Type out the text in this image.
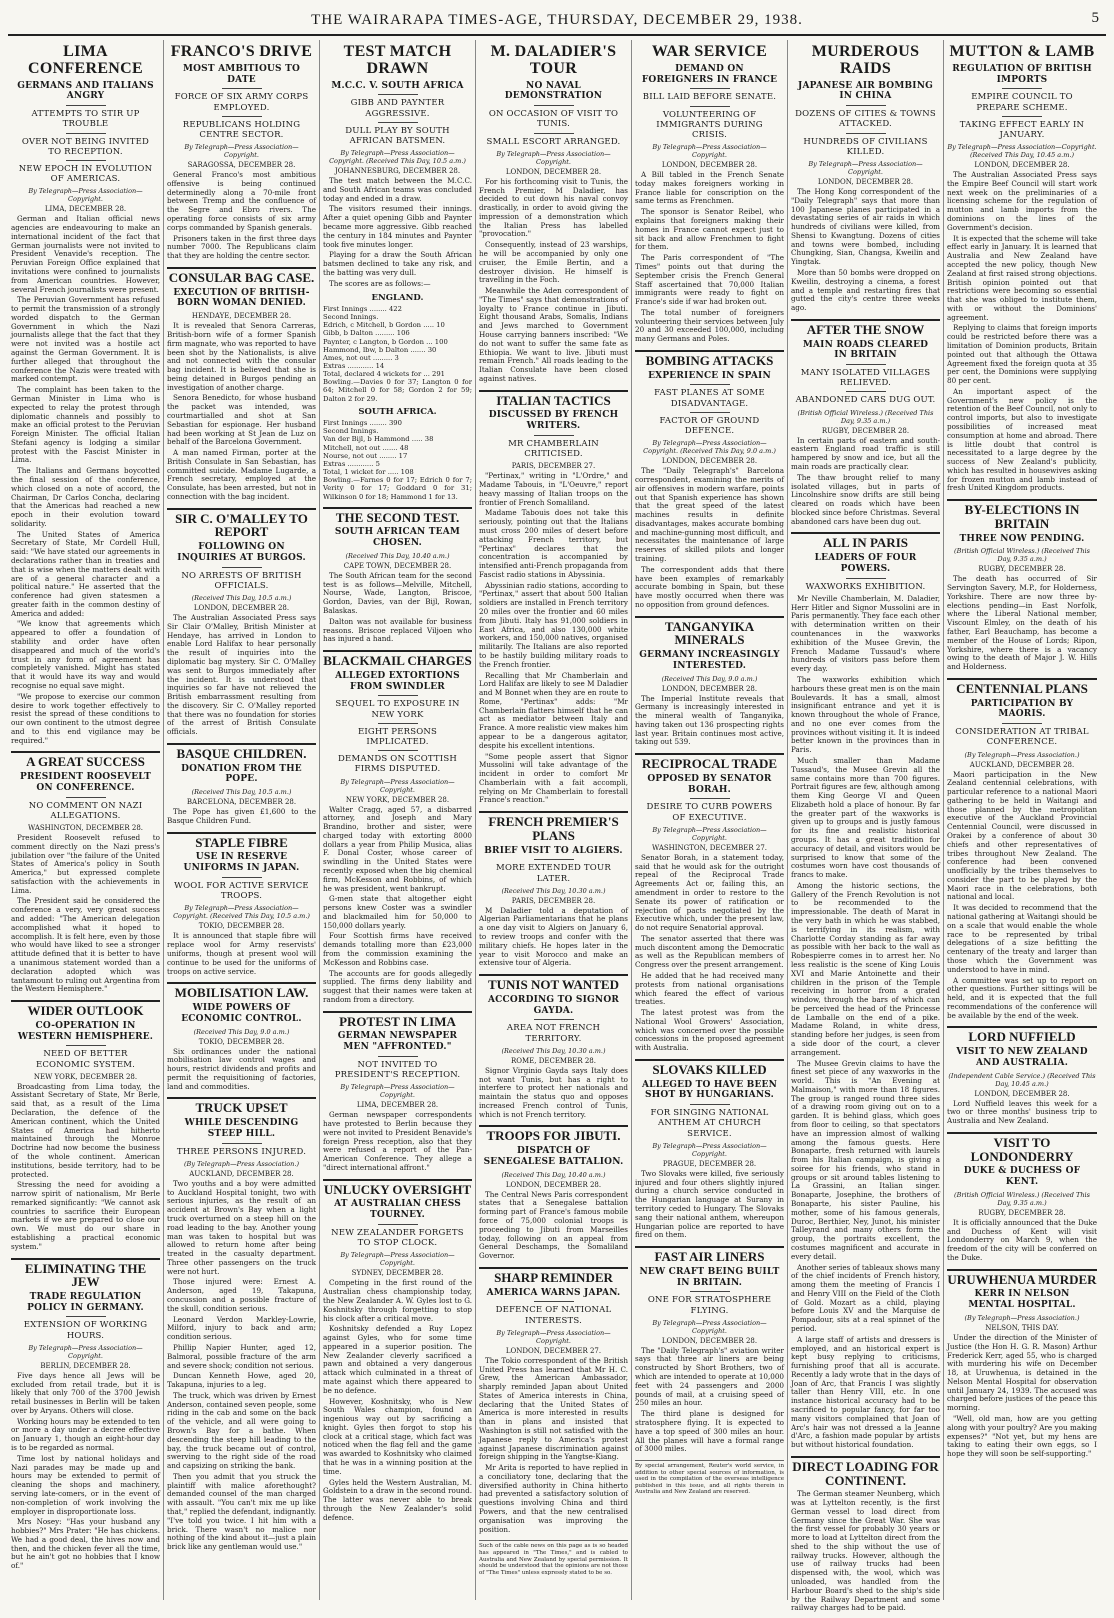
THE WAIRARAPA TIMES-AGE, THURSDAY, DECEMBER 29, 1938.	5
LIMA CONFERENCE
GERMANS AND ITALIANS ANGRY
ATTEMPTS TO STIR UP TROUBLE
OVER NOT BEING INVITED TO RECEPTION.
NEW EPOCH IN EVOLUTION OF AMERICAS.
By Telegraph—Press Association—Copyright.
LIMA, DECEMBER 28.

German and Italian official news agencies are endeavouring to make an international incident of the fact that German journalists were not invited to President Venavide's reception. The Peruvian Foreign Office explained that invitations were confined to journalists from American countries. However, several French journalists were present.

The Peruvian Government has refused to permit the transmission of a strongly worded dispatch to the German Government in which the Nazi journalists allege that the fact that they were not invited was a hostile act against the German Government. It is further alleged that throughout the conference the Nazis were treated with marked contempt.

The complaint has been taken to the German Minister in Lima who is expected to relay the protest through diplomatic channels and possibly to make an official protest to the Peruvian Foreign Minister. The official Italian Stefani agency is lodging a similar protest with the Fascist Minister in Lima.

The Italians and Germans boycotted the final session of the conference, which closed on a note of accord, the Chairman, Dr Carlos Concha, declaring that the Americas had reached a new epoch in their evolution toward solidarity.

The United States of America Secretary of State, Mr Cordell Hull, said: "We have stated our agreements in declarations rather than in treaties and that is wise when the matters dealt with are of a general character and a political nature." He asserted that the conference had given statesmen a greater faith in the common destiny of America and added:

"We know that agreements which appeared to offer a foundation of stability and order have often disappeared and much of the world's trust in any form of agreement has completely vanished. Might has stated that it would have its way and would recognise no equal save might.

"We propose to exercise our common desire to work together effectively to resist the spread of these conditions to our own continent to the utmost degree and to this end vigilance may be required."

A GREAT SUCCESS
PRESIDENT ROOSEVELT ON CONFERENCE.
NO COMMENT ON NAZI ALLEGATIONS.
WASHINGTON, DECEMBER 28.

President Roosevelt refused to comment directly on the Nazi press's jubilation over "the failure of the United States of America's policy in South America," but expressed complete satisfaction with the achievements in Lima.

The President said he considered the conference a very, very great success and added: "The American delegation accomplished what it hoped to accomplish. It is felt here, even by those who would have liked to see a stronger attitude defined that it is better to have a unanimous statement worded than a declaration adopted which was tantamount to ruling out Argentina from the Western Hemisphere."

WIDER OUTLOOK
CO-OPERATION IN WESTERN HEMISPHERE.
NEED OF BETTER ECONOMIC SYSTEM.
NEW YORK, DECEMBER 28.

Broadcasting from Lima today, the Assistant Secretary of State, Mr Berle, said that, as a result of the Lima Declaration, the defence of the American continent, which the United States of America had hitherto maintained through the Monroe Doctrine had now become the business of the whole continent. American institutions, beside territory, had to be protected.

Stressing the need for avoiding a narrow spirit of nationalism, Mr Berle remarked significantly: "We cannot ask countries to sacrifice their European markets if we are prepared to close our own. We must do our share in establishing a practical economic system."

ELIMINATING THE JEW
TRADE REGULATION POLICY IN GERMANY.
EXTENSION OF WORKING HOURS.
By Telegraph—Press Association—Copyright.
BERLIN, DECEMBER 28.

Five days hence all Jews will be excluded from retail trade, but it is likely that only 700 of the 3700 Jewish retail businesses in Berlin will be taken over by Aryans. Others will close.

Working hours may be extended to ten or more a day under a decree effective on January 1, though an eight-hour day is to be regarded as normal.

Time lost by national holidays and Nazi parades may be made up and hours may be extended to permit of cleaning the shops and machinery, serving late-comers, or in the event of non-completion of work involving the employer in disproportionate loss.

Mrs Nosey: "Has your husband any hobbies?" Mrs Prater: "He has chickens. We had a good deal, the hives now and then, and the chicken fever all the time, but he ain't got no hobbies that I know of."

FRANCO'S DRIVE
MOST AMBITIOUS TO DATE
FORCE OF SIX ARMY CORPS EMPLOYED.
REPUBLICANS HOLDING CENTRE SECTOR.
By Telegraph—Press Association—Copyright.
SARAGOSSA, DECEMBER 28.

General Franco's most ambitious offensive is being continued determinedly along a 70-mile front between Tremp and the confluence of the Segre and Ebro rivers. The operating force consists of six army corps commanded by Spanish generals.

Prisoners taken in the first three days number 7000. The Republicans claim that they are holding the centre sector.

CONSULAR BAG CASE.
EXECUTION OF BRITISH-BORN WOMAN DENIED.
HENDAYE, DECEMBER 28.

It is revealed that Senora Carreras, British-born wife of a former Spanish firm magnate, who was reported to have been shot by the Nationalists, is alive and not connected with the consular bag incident. It is believed that she is being detained in Burgos pending an investigation of another charge.

Senora Benedicto, for whose husband the packet was intended, was courtmartialled and shot at San Sebastian for espionage. Her husband had been working at St Jean de Luz on behalf of the Barcelona Government.

A man named Firman, porter at the British Consulate in San Sebastian, has committed suicide. Madame Lugarde, a French secretary, employed at the Consulate, has been arrested, but not in connection with the bag incident.

SIR C. O'MALLEY TO REPORT
FOLLOWING ON INQUIRIES AT BURGOS.
NO ARRESTS OF BRITISH OFFICIALS.
(Received This Day, 10.5 a.m.)
LONDON, DECEMBER 28.

The Australian Associated Press says Sir Clair O'Malley, British Minister at Hendaye, has arrived in London to enable Lord Halifax to hear personally the result of inquiries into the diplomatic bag mystery. Sir C. O'Malley was sent to Burgos immediately after the incident. It is understood that inquiries so far have not relieved the British embarrassment resulting from the discovery. Sir C. O'Malley reported that there was no foundation for stories of the arrest of British Consulate officials.

BASQUE CHILDREN.
DONATION FROM THE POPE.
(Received This Day, 10.5 a.m.)
BARCELONA, DECEMBER 28.

The Pope has given £1,600 to the Basque Children Fund.

STAPLE FIBRE
USE IN RESERVE UNIFORMS IN JAPAN.
WOOL FOR ACTIVE SERVICE TROOPS.
By Telegraph—Press Association—Copyright. (Received This Day, 10.5 a.m.)
TOKIO, DECEMBER 28.

It is announced that staple fibre will replace wool for Army reservists' uniforms, though at present wool will continue to be used for the uniforms of troops on active service.

MOBILISATION LAW.
WIDE POWERS OF ECONOMIC CONTROL.
(Received This Day, 9.0 a.m.)
TOKIO, DECEMBER 28.

Six ordinances under the national mobilisation law control wages and hours, restrict dividends and profits and permit the requisitioning of factories, land and commodities.

TRUCK UPSET
WHILE DESCENDING STEEP HILL.
THREE PERSONS INJURED.
(By Telegraph—Press Association.)
AUCKLAND, DECEMBER 28.

Two youths and a boy were admitted to Auckland Hospital tonight, two with serious injuries, as the result of an accident at Brown's Bay when a light truck overturned on a steep hill on the road leading to the bay. Another young man was taken to hospital but was allowed to return home after being treated in the casualty department. Three other passengers on the truck were not hurt.

Those injured were: Ernest A. Anderson, aged 19, Takapuna, concussion and a possible fracture of the skull, condition serious.

Leonard Verdon Markley-Lowrie, Milford, injury to back and arm; condition serious.

Phillip Napier Hunter, aged 12, Balmoral, possible fracture of the arm and severe shock; condition not serious.

Duncan Kenneth Howe, aged 20, Takapuna, injuries to a leg.

The truck, which was driven by Ernest Anderson, contained seven people, some riding in the cab and some on the back of the vehicle, and all were going to Brown's Bay for a bathe. When descending the steep hill leading to the bay, the truck became out of control, swerving to the right side of the road and capsizing on striking the bank.

Then you admit that you struck the plaintiff with malice aforethought? demanded counsel of the man charged with assault. "You can't mix me up like that," replied the defendant, indignantly. "I've told you twice. I hit him with a brick. There wasn't no malice nor nothing of the kind about it—just a plain brick like any gentleman would use."

TEST MATCH DRAWN
M.C.C. V. SOUTH AFRICA
GIBB AND PAYNTER AGGRESSIVE.
DULL PLAY BY SOUTH AFRICAN BATSMEN.
By Telegraph—Press Association—Copyright. (Received This Day, 10.5 a.m.)
JOHANNESBURG, DECEMBER 28.

The test match between the M.C.C. and South African teams was concluded today and ended in a draw.

The visitors resumed their innings. After a quiet opening Gibb and Paynter became more aggressive. Gibb reached the century in 184 minutes and Paynter took five minutes longer.

Playing for a draw the South African batsmen declined to take any risk, and the batting was very dull.

The scores are as follows:—

ENGLAND.
First Innings ........ 422
Second Innings.
Edrich, c Mitchell, b Gordon ..... 10
Gibb, b Dalton ......... 106
Paynter, c Langton, b Gordon ... 100
Hammond, lbw, b Dalton ....... 30
Ames, not out ......... 3
Extras ............ 14
Total, declared 4 wickets for ... 291
Bowling.—Davies 0 for 37; Langton 0 for 64; Mitchell 0 for 58; Gordon 2 for 59; Dalton 2 for 29.
SOUTH AFRICA.
First Innings ........ 390
Second Innings.
Van der Bijl, b Hammond ..... 38
Mitchell, not out ....... 48
Nourse, not out ........ 17
Extras ............ 5
Total, 1 wicket for ..... 108
Bowling.—Farnes 0 for 17; Edrich 0 for 7; Verity 0 for 17; Goddard 0 for 31; Wilkinson 0 for 18; Hammond 1 for 13.
THE SECOND TEST.
SOUTH AFRICAN TEAM CHOSEN.
(Received This Day, 10.40 a.m.)
CAPE TOWN, DECEMBER 28.

The South African team for the second test is as follows—Melville, Mitchell, Nourse, Wade, Langton, Briscoe, Gordon, Davies, van der Bijl, Rowan, Balaskas.

Dalton was not available for business reasons. Briscoe replaced Viljoen who has injured a hand.

BLACKMAIL CHARGES
ALLEGED EXTORTIONS FROM SWINDLER
SEQUEL TO EXPOSURE IN NEW YORK
EIGHT PERSONS IMPLICATED.
DEMANDS ON SCOTTISH FIRMS DISPUTED.
By Telegraph—Press Association—Copyright.
NEW YORK, DECEMBER 28.

Walter Cragg, aged 57, a disbarred attorney, and Joseph and Mary Brandino, brother and sister, were charged today with extorting 8000 dollars a year from Philip Musica, alias F. Donal Coster, whose career of swindling in the United States were recently exposed when the big chemical firm, McKesson and Robbins, of which he was president, went bankrupt.

G-men state that altogether eight persons knew Coster was a swindler and blackmailed him for 50,000 to 150,000 dollars yearly.

Four Scottish firms have received demands totalling more than £23,000 from the commission examining the McKesson and Robbins case.

The accounts are for goods allegedly supplied. The firms deny liability and suggest that their names were taken at random from a directory.

PROTEST IN LIMA
GERMAN NEWSPAPER MEN "AFFRONTED."
NOT INVITED TO PRESIDENT'S RECEPTION.
By Telegraph—Press Association—Copyright.
LIMA, DECEMBER 28.

German newspaper correspondents have protested to Berlin because they were not invited to President Benavide's foreign Press reception, also that they were refused a report of the Pan-American Conference. They allege a "direct international affront."

UNLUCKY OVERSIGHT
AT AUSTRALIAN CHESS TOURNEY.
NEW ZEALANDER FORGETS TO STOP CLOCK.
By Telegraph—Press Association—Copyright.
SYDNEY, DECEMBER 28.

Competing in the first round of the Australian chess championship today, the New Zealander A. W. Gyles lost to G. Koshnitsky through forgetting to stop his clock after a critical move.

Koshnitsky defended a Ruy Lopez against Gyles, who for some time appeared in a superior position. The New Zealander cleverly sacrificed a pawn and obtained a very dangerous attack which culminated in a threat of mate against which there appeared to be no defence.

However, Koshnitsky, who is New South Wales champion, found an ingenious way out by sacrificing a knight. Gyles then forgot to stop his clock at a critical stage, which fact was noticed when the flag fell and the game was awarded to Koshnitsky who claimed that he was in a winning position at the time.

Gyles held the Western Australian, M. Goldstein to a draw in the second round. The latter was never able to break through the New Zealander's solid defence.

M. DALADIER'S TOUR
NO NAVAL DEMONSTRATION
ON OCCASION OF VISIT TO TUNIS.
SMALL ESCORT ARRANGED.
By Telegraph—Press Association—Copyright.
LONDON, DECEMBER 28.

For his forthcoming visit to Tunis, the French Premier, M Daladier, has decided to cut down his naval convoy drastically, in order to avoid giving the impression of a demonstration which the Italian Press has labelled "provocation."

Consequently, instead of 23 warships, he will be accompanied by only one cruiser, the Emile Bertin, and a destroyer division. He himself is travelling in the Foch.

Meanwhile the Aden correspondent of "The Times" says that demonstrations of loyalty to France continue in Jibuti. Eight thousand Arabs, Somalis, Indians and Jews marched to Government House carrying banners inscribed: "We do not want to suffer the same fate as Ethiopia. We want to live. Jibuti must remain French." All roads leading to the Italian Consulate have been closed against natives.

ITALIAN TACTICS
DISCUSSED BY FRENCH WRITERS.
MR CHAMBERLAIN CRITICISED.
PARIS, DECEMBER 27.

"Pertinax," writing in "L'Ordre," and Madame Tabouis, in "L'Oeuvre," report heavy massing of Italian troops on the frontier of French Somaliland.

Madame Tabouis does not take this seriously, pointing out that the Italians must cross 200 miles of desert before attacking French territory, but "Pertinax" declares that the concentration is accompanied by intensified anti-French propaganda from Fascist radio stations in Abyssinia.

Abyssinian radio stations, according to "Pertinax," assert that about 500 Italian soldiers are installed in French territory 20 miles over the frontier and 60 miles from Jibuti. Italy has 91,000 soldiers in East Africa, and also 130,000 white workers, and 150,000 natives, organised militarily. The Italians are also reported to be hastily building military roads to the French frontier.

Recalling that Mr Chamberlain and Lord Halifax are likely to see M Daladier and M Bonnet when they are en route to Rome, "Pertinax" adds: "Mr Chamberlain flatters himself that he can act as mediator between Italy and France. A more realistic view makes him appear to be a dangerous agitator, despite his excellent intentions.

"Some people assert that Signor Mussolini will take advantage of the incident in order to comfort Mr Chamberlain with a fait accompli, relying on Mr Chamberlain to forestall France's reaction."

FRENCH PREMIER'S PLANS
BRIEF VISIT TO ALGIERS.
MORE EXTENDED TOUR LATER.
(Received This Day, 10.30 a.m.)
PARIS, DECEMBER 28.

M Daladier told a deputation of Algerian Parliamentarians that he plans a one day visit to Algiers on January 6, to review troops and confer with the military chiefs. He hopes later in the year to visit Morocco and make an extensive tour of Algeria.

TUNIS NOT WANTED
ACCORDING TO SIGNOR GAYDA.
AREA NOT FRENCH TERRITORY.
(Received This Day, 10.30 a.m.)
ROME, DECEMBER 28.

Signor Virginio Gayda says Italy does not want Tunis, but has a right to interfere to protect her nationals and maintain the status quo and opposes increased French control of Tunis, which is not French territory.

TROOPS FOR JIBUTI.
DISPATCH OF SENEGALESE BATTALION.
(Received This Day, 10.40 a.m.)
LONDON, DECEMBER 28.

The Central News Paris correspondent states that a Senegalese battalion forming part of France's famous mobile force of 75,000 colonial troops is proceeding to Jibuti from Marseilles today, following on an appeal from General Deschamps, the Somaliland Governor.

SHARP REMINDER
AMERICA WARNS JAPAN.
DEFENCE OF NATIONAL INTERESTS.
By Telegraph—Press Association—Copyright.
LONDON, DECEMBER 27.

The Tokio correspondent of the British United Press has learned that Mr H. C. Grew, the American Ambassador, sharply reminded Japan about United States of America interests in China, declaring that the United States of America is more interested in results than in plans and insisted that Washington is still not satisfied with the Japanese reply to America's protest against Japanese discrimination against foreign shipping in the Yangtse-Kiang.

Mr Arita is reported to have replied in a conciliatory tone, declaring that the diversified authority in China hitherto had prevented a satisfactory solution of questions involving China and third Powers, and that the new centralised organisation was improving the position.

Such of the cable news on this page as is so headed has appeared in "The Times," and is cabled to Australia and New Zealand by special permission. It should be understood that the opinions are not those of "The Times" unless expressly stated to be so.
WAR SERVICE
DEMAND ON FOREIGNERS IN FRANCE
BILL LAID BEFORE SENATE.
VOLUNTEERING OF IMMIGRANTS DURING CRISIS.
By Telegraph—Press Association—Copyright.
LONDON, DECEMBER 28.

A Bill tabled in the French Senate today makes foreigners working in France liable for conscription on the same terms as Frenchmen.

The sponsor is Senator Reibel, who explains that foreigners making their homes in France cannot expect just to sit back and allow Frenchmen to fight for them.

The Paris correspondent of "The Times" points out that during the September crisis the French General Staff ascertained that 70,000 Italian immigrants were ready to fight on France's side if war had broken out.

The total number of foreigners volunteering their services between July 20 and 30 exceeded 100,000, including many Germans and Poles.

BOMBING ATTACKS
EXPERIENCE IN SPAIN
FAST PLANES AT SOME DISADVANTAGE.
FACTOR OF GROUND DEFENCE.
By Telegraph—Press Association—Copyright. (Received This Day, 9.0 a.m.)
LONDON, DECEMBER 28.

The "Daily Telegraph's" Barcelona correspondent, examining the merits of air offensives in modern warfare, points out that Spanish experience has shown that the great speed of the latest machines results in definite disadvantages, makes accurate bombing and machine-gunning most difficult, and necessitates the maintenance of large reserves of skilled pilots and longer training.

The correspondent adds that there have been examples of remarkably accurate bombing in Spain, but these have mostly occurred when there was no opposition from ground defences.

TANGANYIKA MINERALS
GERMANY INCREASINGLY INTERESTED.
(Received This Day, 9.0 a.m.)
LONDON, DECEMBER 28.

The Imperial Institute reveals that Germany is increasingly interested in the mineral wealth of Tanganyika, having taken out 136 prospecting rights last year. Britain continues most active, taking out 539.

RECIPROCAL TRADE
OPPOSED BY SENATOR BORAH.
DESIRE TO CURB POWERS OF EXECUTIVE.
By Telegraph—Press Association—Copyright.
WASHINGTON, DECEMBER 27.

Senator Borah, in a statement today, said that he would ask for the outright repeal of the Reciprocal Trade Agreements Act or, failing this, an amendment in order to restore to the Senate its power of ratification or rejection of pacts negotiated by the Executive which, under the present law, do not require Senatorial approval.

The senator asserted that there was much discontent among the Democratic as well as the Republican members of Congress over the present arrangement.

He added that he had received many protests from national organisations which feared the effect of various treaties.

The latest protest was from the National Wool Growers' Association, which was concerned over the possible concessions in the proposed agreement with Australia.

SLOVAKS KILLED
ALLEGED TO HAVE BEEN SHOT BY HUNGARIANS.
FOR SINGING NATIONAL ANTHEM AT CHURCH SERVICE.
By Telegraph—Press Association—Copyright.
PRAGUE, DECEMBER 28.

Two Slovaks were killed, five seriously injured and four others slightly injured during a church service conducted in the Hungarian language at Surany in territory ceded to Hungary. The Slovaks sang their national anthem, whereupon Hungarian police are reported to have fired on them.

FAST AIR LINERS
NEW CRAFT BEING BUILT IN BRITAIN.
ONE FOR STRATOSPHERE FLYING.
By Telegraph—Press Association—Copyright.
LONDON, DECEMBER 28.

The "Daily Telegraph's" aviation writer says that three air liners are being constructed by Short Brothers, two of which are intended to operate at 10,000 feet with 24 passengers and 2000 pounds of mail, at a cruising speed of 250 miles an hour.

The third plane is designed for stratosphere flying. It is expected to have a top speed of 300 miles an hour. All the planes will have a formal range of 3000 miles.

By special arrangement, Reuter's world service, in addition to other special sources of information, is used in the compilation of the overseas intelligence published in this issue, and all rights therein in Australia and New Zealand are reserved.
MURDEROUS RAIDS
JAPANESE AIR BOMBING IN CHINA
DOZENS OF CITIES & TOWNS ATTACKED.
HUNDREDS OF CIVILIANS KILLED.
By Telegraph—Press Association—Copyright.
LONDON, DECEMBER 28.

The Hong Kong correspondent of the "Daily Telegraph" says that more than 100 Japanese planes participated in a devastating series of air raids in which hundreds of civilians were killed, from Shensi to Kwangtung. Dozens of cities and towns were bombed, including Chungking, Sian, Changsa, Kweilin and Yingtak.

More than 50 bombs were dropped on Kweilin, destroying a cinema, a forest and a temple and restarting fires that gutted the city's centre three weeks ago.

AFTER THE SNOW
MAIN ROADS CLEARED IN BRITAIN
MANY ISOLATED VILLAGES RELIEVED.
ABANDONED CARS DUG OUT.
(British Official Wireless.) (Received This Day, 9.35 a.m.)
RUGBY, DECEMBER 28.

In certain parts of eastern and south-eastern England road traffic is still hampered by snow and ice, but all the main roads are practically clear.

The thaw brought relief to many isolated villages, but in parts of Lincolnshire snow drifts are still being cleared on roads which have been blocked since before Christmas. Several abandoned cars have been dug out.

ALL IN PARIS
LEADERS OF FOUR POWERS.
WAXWORKS EXHIBITION.

Mr Neville Chamberlain, M. Daladier, Herr Hitler and Signor Mussolini are in Paris permanently. They face each other with determination written on their countenances in the waxworks exhibition of the Musee Grevin, the French Madame Tussaud's where hundreds of visitors pass before them every day.

The waxworks exhibition which harbours these great men is on the main Boulevards. It has a small, almost insignificant entrance and yet it is known throughout the whole of France, and no one ever comes from the provinces without visiting it. It is indeed better known in the provinces than in Paris.

Much smaller than Madame Tussaud's, the Musee Grevin all the same contains more than 700 figures. Portrait figures are few, although among them King George VI and Queen Elizabeth hold a place of honour. By far the greater part of the waxworks is given up to groups and is justly famous for its fine and realistic historical groups. It has a great tradition for accuracy of detail, and visitors would be surprised to know that some of the costumes worn have cost thousands of francs to make.

Among the historic sections, the Gallery of the French Revolution is not to be recommended to the impressionable. The death of Marat in the very bath in which he was stabbed, is terrifying in its realism, with Charlotte Corday standing as far away as possible with her back to the wall as Robespierre comes in to arrest her. No less realistic is the scene of King Louis XVI and Marie Antoinette and their children in the prison of the Temple receiving in horror from a grated window, through the bars of which can be perceived the head of the Princesse de Lamballe on the end of a pike. Madame Roland, in white dress, standing before her judges, is seen from a side door of the court, a clever arrangement.

The Musee Grevin claims to have the finest set piece of any waxworks in the world. This is "An Evening at Malmaison," with more than 18 figures. The group is ranged round three sides of a drawing room giving out on to a garden. It is behind glass, which goes from floor to ceiling, so that spectators have an impression almost of walking among the famous guests. Here Bonaparte, fresh returned with laurels from his Italian campaign, is giving a soiree for his friends, who stand in groups or sit around tables listening to La Grassini, an Italian singer. Bonaparte, Josephine, the brothers of Bonaparte, his sister Pauline, his mother, some of his famous generals, Duroc, Berthier, Ney, Junot, his minister Talleyrand and many others form the group, the portraits excellent, the costumes magnificent and accurate in every detail.

Another series of tableaux shows many of the chief incidents of French history, among them the meeting of Francis I and Henry VIII on the Field of the Cloth of Gold. Mozart as a child, playing before Louis XV and the Marquise de Pompadour, sits at a real spinnet of the period.

A large staff of artists and dressers is employed, and an historical expert is kept busy replying to criticisms, furnishing proof that all is accurate. Recently a lady wrote that in the days of Joan of Arc, that Francis I was slightly taller than Henry VIII, etc. In one instance historical accuracy had to be sacrificed to popular fancy, for far too many visitors complained that Joan of Arc's hair was not dressed a la Jeanne d'Arc, a fashion made popular by artists but without historical foundation.

DIRECT LOADING FOR CONTINENT.

The German steamer Neunberg, which was at Lyttelton recently, is the first German vessel to load direct from Germany since the Great War. She was the first vessel for probably 30 years or more to load at Lyttelton direct from the shed to the ship without the use of railway trucks. However, although the use of railway trucks had been dispensed with, the wool, which was unloaded, was handled from the Harbour Board's shed to the ship's side by the Railway Department and some railway charges had to be paid.

MUTTON & LAMB
REGULATION OF BRITISH IMPORTS
EMPIRE COUNCIL TO PREPARE SCHEME.
TAKING EFFECT EARLY IN JANUARY.
By Telegraph—Press Association—Copyright. (Received This Day, 10.45 a.m.)
LONDON, DECEMBER 28.

The Australian Associated Press says the Empire Beef Council will start work next week on the preliminaries of a licensing scheme for the regulation of mutton and lamb imports from the dominions on the lines of the Government's decision.

It is expected that the scheme will take effect early in January. It is learned that Australia and New Zealand have accepted the new policy, though New Zealand at first raised strong objections. British opinion pointed out that restrictions were becoming so essential that she was obliged to institute them, with or without the Dominions' agreement.

Replying to claims that foreign imports could be restricted before there was a limitation of Dominion products, Britain pointed out that although the Ottawa Agreement fixed the foreign quota at 35 per cent, the Dominions were supplying 80 per cent.

An important aspect of the Government's new policy is the retention of the Beef Council, not only to control imports, but also to investigate possibilities of increased meat consumption at home and abroad. There is little doubt that control is necessitated to a large degree by the success of New Zealand's publicity, which has resulted in housewives asking for frozen mutton and lamb instead of fresh United Kingdom products.

BY-ELECTIONS IN BRITAIN
THREE NOW PENDING.
(British Official Wireless.) (Received This Day, 9.35 a.m.)
RUGBY, DECEMBER 28.

The death has occurred of Sir Servington Savery, M.P., for Holderness, Yorkshire. There are now three by-elections pending—in East Norfolk, where the Liberal National member, Viscount Elmley, on the death of his father, Earl Beauchamp, has become a member of the House of Lords; Ripon, Yorkshire, where there is a vacancy owing to the death of Major J. W. Hills and Holderness.

CENTENNIAL PLANS
PARTICIPATION BY MAORIS.
CONSIDERATION AT TRIBAL CONFERENCE.
(By Telegraph—Press Association.)
AUCKLAND, DECEMBER 28.

Maori participation in the New Zealand centennial celebrations, with particular reference to a national Maori gathering to be held in Waitangi and those planned by the metropolitan executive of the Auckland Provincial Centennial Council, were discussed in Orakei by a conference of about 30 chiefs and other representatives of tribes throughout New Zealand. The conference had been convened unofficially by the tribes themselves to consider the part to be played by the Maori race in the celebrations, both national and local.

It was decided to recommend that the national gathering at Waitangi should be on a scale that would enable the whole race to be represented by tribal delegations of a size befitting the centenary of the treaty and larger than those which the Government was understood to have in mind.

A committee was set up to report on other questions. Further sittings will be held, and it is expected that the full recommendations of the conference will be available by the end of the week.

LORD NUFFIELD
VISIT TO NEW ZEALAND AND AUSTRALIA.
(Independent Cable Service.) (Received This Day, 10.45 a.m.)
LONDON, DECEMBER 28.

Lord Nuffield leaves this week for a two or three months' business trip to Australia and New Zealand.

VISIT TO LONDONDERRY
DUKE & DUCHESS OF KENT.
(British Official Wireless.) (Received This Day, 9.35 a.m.)
RUGBY, DECEMBER 28.

It is officially announced that the Duke and Duchess of Kent will visit Londonderry on March 9, when the freedom of the city will be conferred on the Duke.

URUWHENUA MURDER
KERR IN NELSON MENTAL HOSPITAL.
(By Telegraph—Press Association.)
NELSON, THIS DAY.

Under the direction of the Minister of Justice (the Hon H. G. R. Mason) Arthur Frederick Kerr, aged 55, who is charged with murdering his wife on December 18, at Uruwhenua, is detained in the Nelson Mental Hospital for observation until January 24, 1939. The accused was charged before justices of the peace this morning.

"Well, old man, how are you getting along with your poultry? Are you making expenses?" "Not yet, but my hens are taking to eating their own eggs, so I hope they will soon be self-supporting."
